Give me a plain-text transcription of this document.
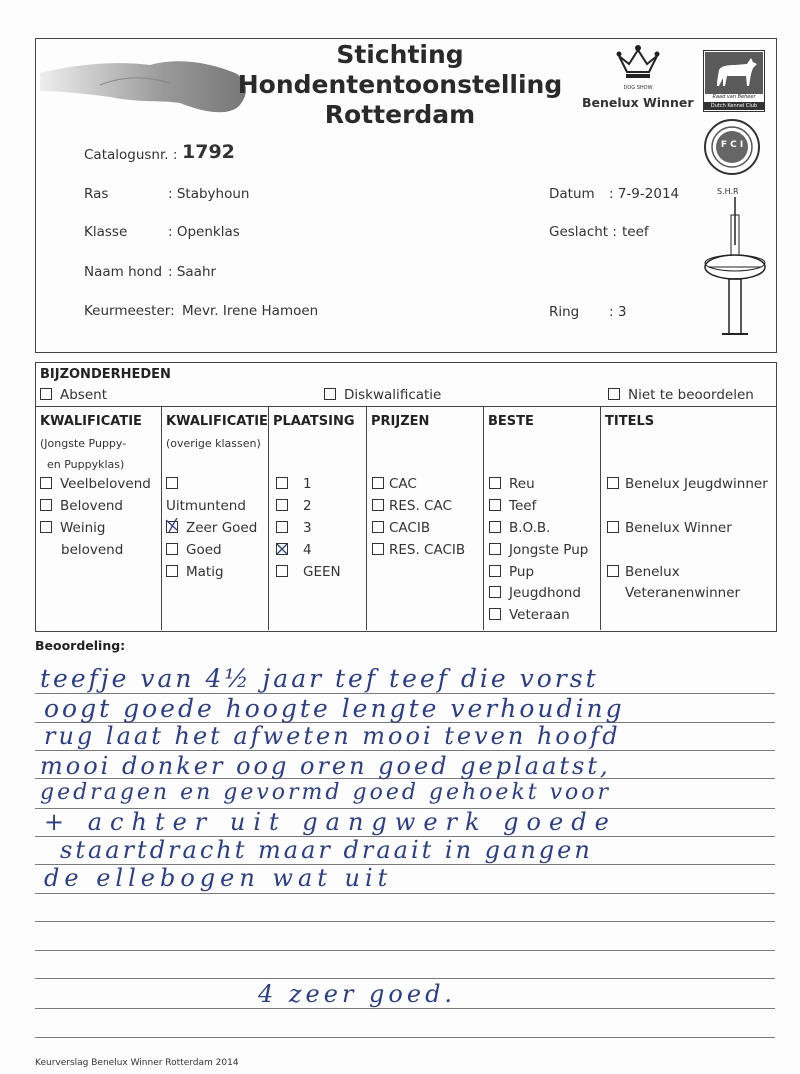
Stichting
Hondententoonstelling
Rotterdam
DOG SHOW
Benelux Winner	Raad van Beheer
Dutch Kennel Club
F C I
S.H.R
Catalogusnr. : 1792
Ras	: Stabyhoun
Klasse	: Openklas
Naam hond : Saahr
Keurmeester: Mevr. Irene Hamoen
Datum : 7-9-2014
Geslacht : teef
Ring : 3
BIJZONDERHEDEN
Absent	Diskwalificatie	Niet te beoordelen
KWALIFICATIE
(Jongste Puppy-
en Puppyklas)
Veelbelovend
Belovend
Weinig
belovend
KWALIFICATIE
(overige klassen)
Uitmuntend
Zeer Goed
Goed
Matig
PLAATSING
1
2
3
4
GEEN
PRIJZEN
CAC
RES. CAC
CACIB
RES. CACIB
BESTE
Reu
Teef
B.O.B.
Jongste Pup
Pup
Jeugdhond
Veteraan
TITELS
Benelux Jeugdwinner
Benelux Winner
Benelux
Veteranenwinner
Beoordeling:
teefje van 4½ jaar tef teef die vorst
oogt goede hoogte lengte verhouding
rug laat het afweten mooi teven hoofd
mooi donker oog oren goed geplaatst,
gedragen en gevormd goed gehoekt voor
+ achter uit gangwerk goede
staartdracht maar draait in gangen
de ellebogen wat uit
4 zeer goed.
Keurverslag Benelux Winner Rotterdam 2014
